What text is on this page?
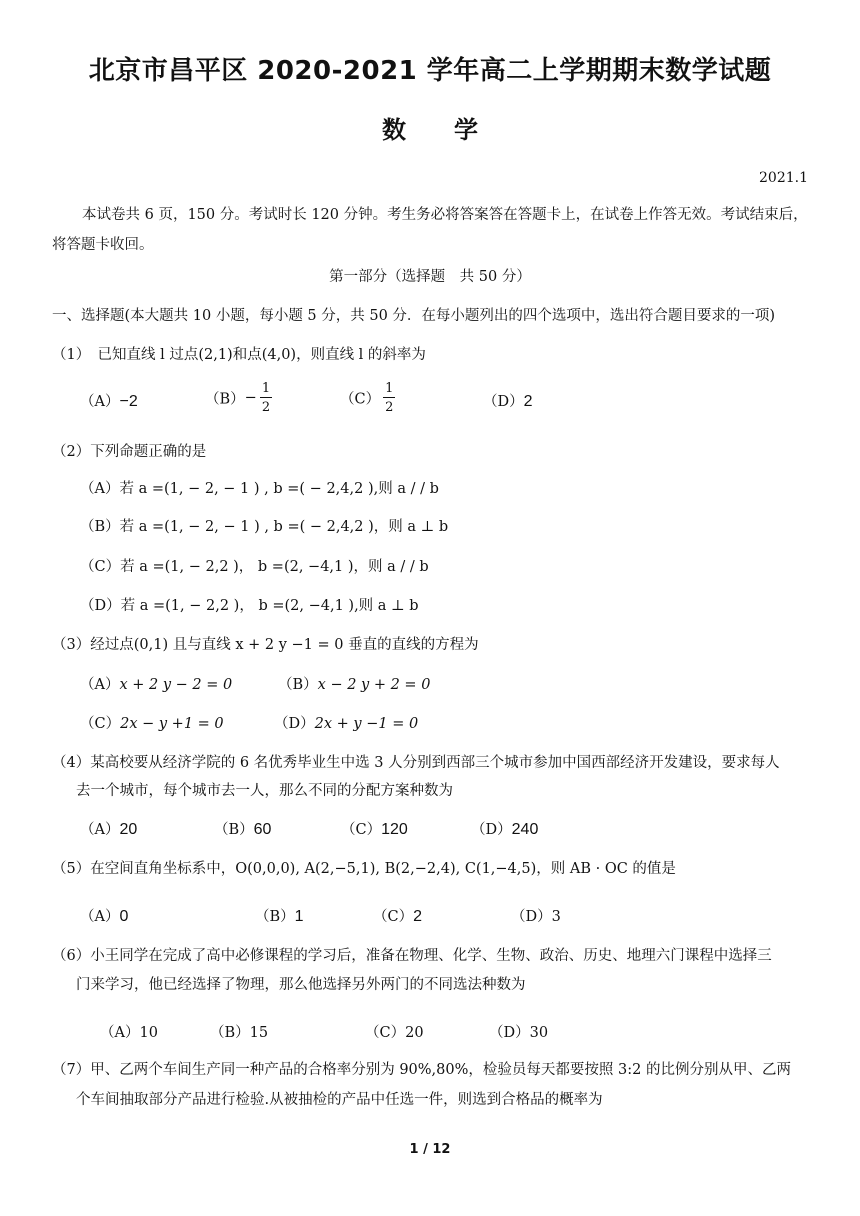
北京市昌平区 2020-2021 学年高二上学期期末数学试题
数　　学
2021.1
本试卷共 6 页，150 分。考试时长 120 分钟。考生务必将答案答在答题卡上，在试卷上作答无效。考试结束后，将答题卡收回。
第一部分（选择题　共 50 分）
一、选择题(本大题共 10 小题，每小题 5 分，共 50 分．在每小题列出的四个选项中，选出符合题目要求的一项)
（1）　已知直线 l 过点(2,1)和点(4,0)，则直线 l 的斜率为
（A）−2	$(B)- \frac{1}{2}$	$(C) \frac{1}{2}$	（D）2
（2）下列命题正确的是
（A）若 a =(1, − 2, − 1 ) , b =( − 2,4,2 ),则 a / / b
（B）若 a =(1, − 2, − 1 ) , b =( − 2,4,2 )，则 a ⊥ b
（C）若 a =(1, − 2,2 )， b =(2, −4,1 )，则 a / / b
（D）若 a =(1, − 2,2 )， b =(2, −4,1 ),则 a ⊥ b
（3）经过点(0,1) 且与直线 x + 2 y −1 = 0 垂直的直线的方程为
（A）x + 2 y − 2 = 0	（B）x − 2 y + 2 = 0
（C）2x − y +1 = 0	（D）2x + y −1 = 0
（4）某高校要从经济学院的 6 名优秀毕业生中选 3 人分别到西部三个城市参加中国西部经济开发建设，要求每人
去一个城市，每个城市去一人，那么不同的分配方案种数为
（A）20	（B）60	（C）120	（D）240
（5）在空间直角坐标系中，O(0,0,0), A(2,−5,1), B(2,−2,4), C(1,−4,5)，则 AB · OC 的值是
（A）0	（B）1	（C）2	（D）3
（6）小王同学在完成了高中必修课程的学习后，准备在物理、化学、生物、政治、历史、地理六门课程中选择三
门来学习，他已经选择了物理，那么他选择另外两门的不同选法种数为
（A）10	（B）15	（C）20	（D）30
（7）甲、乙两个车间生产同一种产品的合格率分别为 90%,80%，检验员每天都要按照 3:2 的比例分别从甲、乙两
个车间抽取部分产品进行检验.从被抽检的产品中任选一件，则选到合格品的概率为
1 / 12
